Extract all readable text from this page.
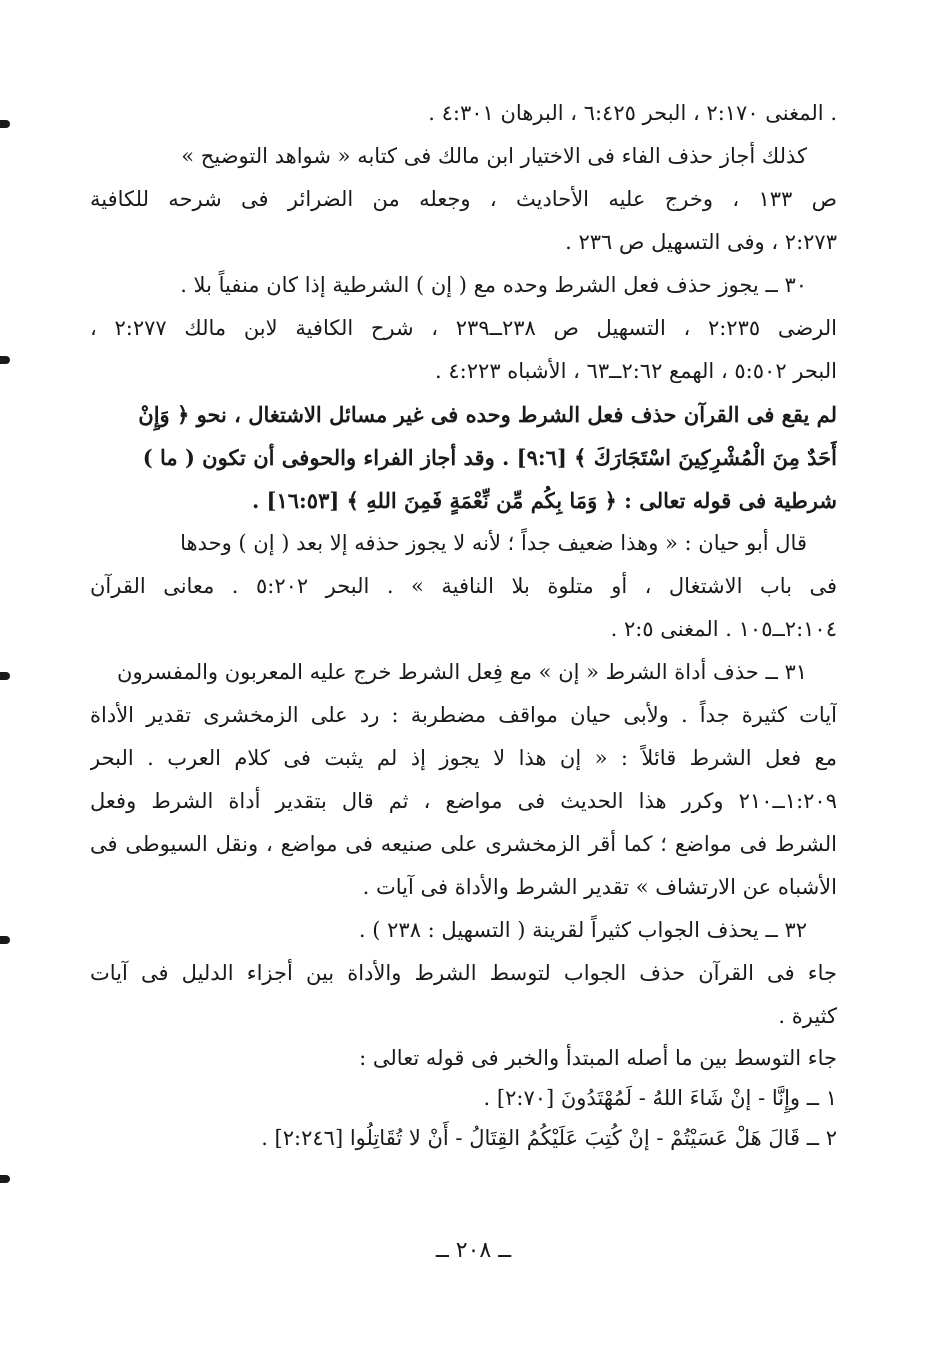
. المغنى ٢:١٧٠ ، البحر ٦:٤٢٥ ، البرهان ٤:٣٠١ .
كذلك أجاز حذف الفاء فى الاختيار ابن مالك فى كتابه « شواهد التوضيح »
ص ١٣٣ ، وخرج عليه الأحاديث ، وجعله من الضرائر فى شرحه للكافية
٢:٢٧٣ ، وفى التسهيل ص ٢٣٦ .
٣٠ ــ يجوز حذف فعل الشرط وحده مع ( إن ) الشرطية إذا كان منفياً بلا .
الرضى ٢:٢٣٥ ، التسهيل ص ٢٣٨ــ٢٣٩ ، شرح الكافية لابن مالك ٢:٢٧٧ ،
البحر ٥:٥٠٢ ، الهمع ٢:٦٢ــ٦٣ ، الأشباه ٤:٢٢٣ .
لم يقع فى القرآن حذف فعل الشرط وحده فى غير مسائل الاشتغال ، نحو ﴿ وَإِنْ
أَحَدٌ مِنَ الْمُشْرِكِينَ اسْتَجَارَكَ ﴾ [٩:٦] . وقد أجاز الفراء والحوفى أن تكون ( ما )
شرطية فى قوله تعالى : ﴿ وَمَا بِكُم مِّن نِّعْمَةٍ فَمِنَ اللهِ ﴾ [١٦:٥٣] .
قال أبو حيان : « وهذا ضعيف جداً ؛ لأنه لا يجوز حذفه إلا بعد ( إن ) وحدها
فى باب الاشتغال ، أو متلوة بلا النافية » . البحر ٥:٢٠٢ . معانى القرآن
٢:١٠٤ــ١٠٥ . المغنى ٢:٥ .
٣١ ــ حذف أداة الشرط « إن » مع فِعل الشرط خرج عليه المعربون والمفسرون
آيات كثيرة جداً . ولأبى حيان مواقف مضطربة : رد على الزمخشرى تقدير الأداة
مع فعل الشرط قائلاً : « إن هذا لا يجوز إذ لم يثبت فى كلام العرب . البحر
١:٢٠٩ــ٢١٠ وكرر هذا الحديث فى مواضع ، ثم قال بتقدير أداة الشرط وفعل
الشرط فى مواضع ؛ كما أقر الزمخشرى على صنيعه فى مواضع ، ونقل السيوطى فى
الأشباه عن الارتشاف » تقدير الشرط والأداة فى آيات .
٣٢ ــ يحذف الجواب كثيراً لقرينة ( التسهيل : ٢٣٨ ) .
جاء فى القرآن حذف الجواب لتوسط الشرط والأداة بين أجزاء الدليل فى آيات
كثيرة .
جاء التوسط بين ما أصله المبتدأ والخبر فى قوله تعالى :
١ ــ وإِنَّا - إنْ شَاءَ اللهُ - لَمُهْتَدُونَ [٢:٧٠] .
٢ ــ قَالَ هَلْ عَسَيْتُمْ - إنْ كُتِبَ عَلَيْكُمُ القِتَالُ - أَنْ لا تُقَاتِلُوا [٢:٢٤٦] .
ــ ٢٠٨ ــ
